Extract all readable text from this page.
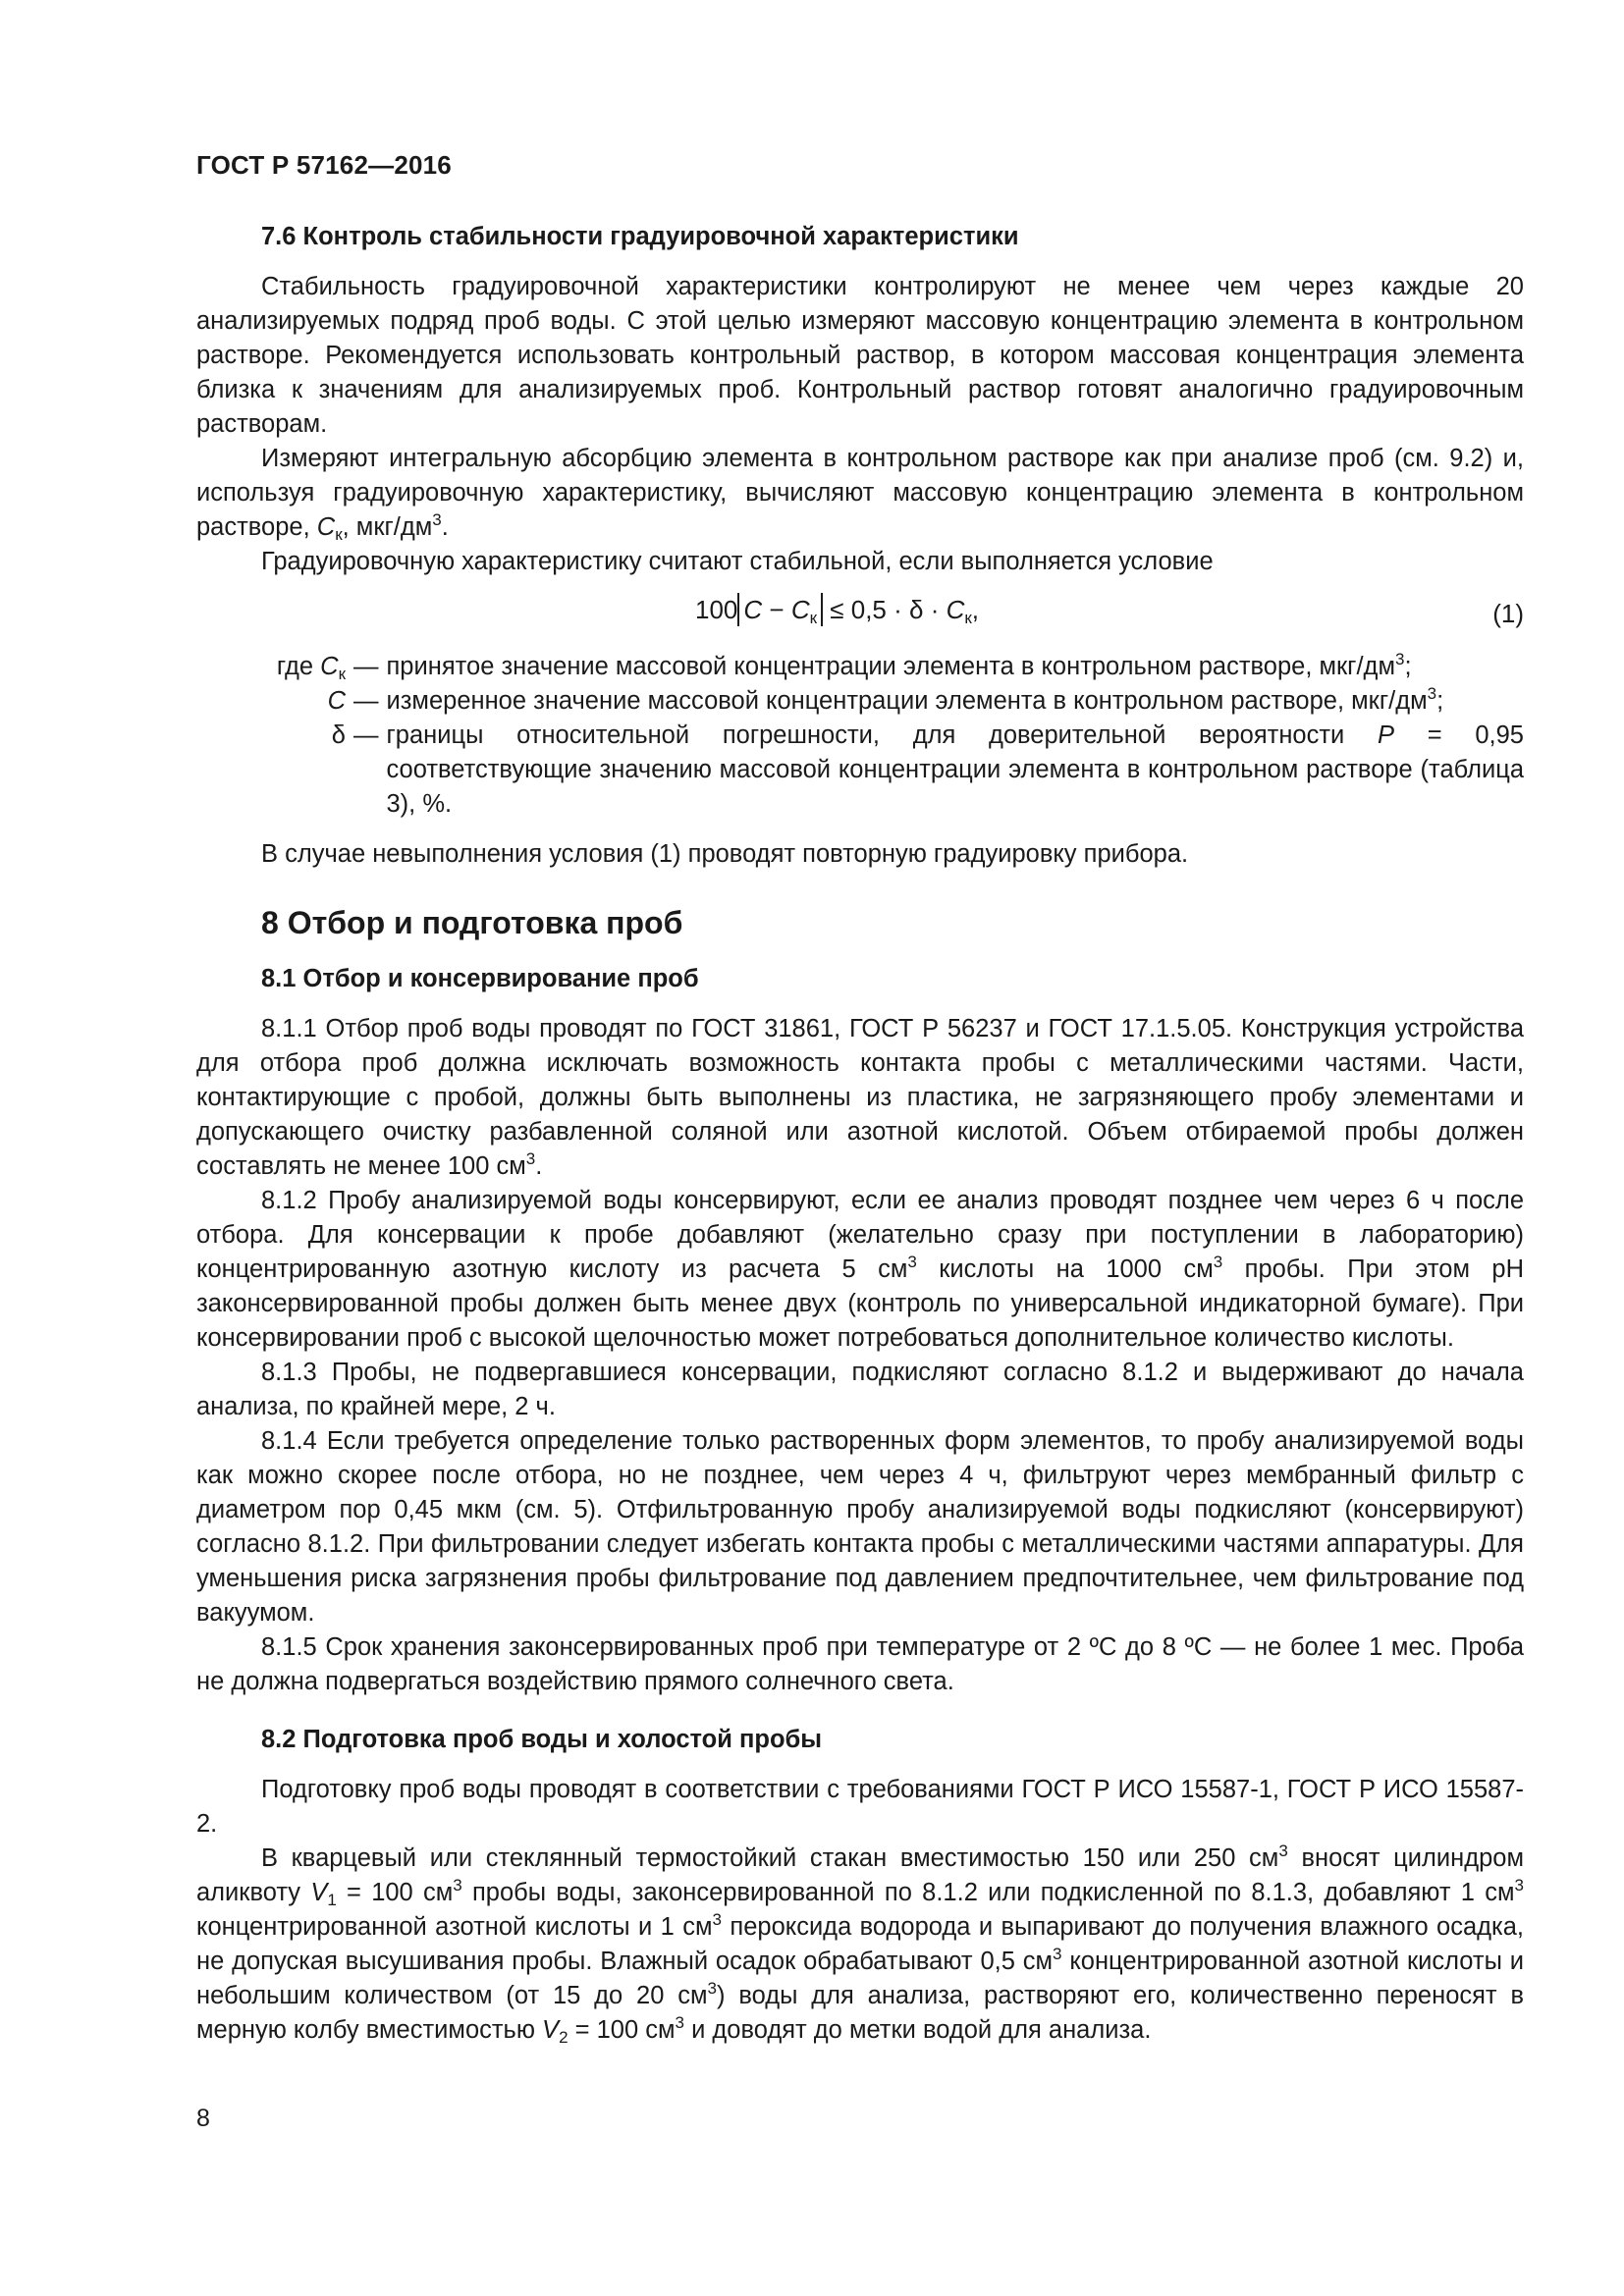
ГОСТ Р 57162—2016
7.6 Контроль стабильности градуировочной характеристики

Стабильность градуировочной характеристики контролируют не менее чем через каждые 20 анализируемых подряд проб воды. С этой целью измеряют массовую концентрацию элемента в контрольном растворе. Рекомендуется использовать контрольный раствор, в котором массовая концентрация элемента близка к значениям для анализируемых проб. Контрольный раствор готовят аналогично градуировочным растворам.

Измеряют интегральную абсорбцию элемента в контрольном растворе как при анализе проб (см. 9.2) и, используя градуировочную характеристику, вычисляют массовую концентрацию элемента в контрольном растворе, $C_к$, мкг/$дм^3$.

Градуировочную характеристику считают стабильной, если выполняется условие

100 $C - C_к \le 0,5 \cdot \delta \cdot C_к$,	(1)
где $C_к$ — принятое значение массовой концентрации элемента в контрольном растворе, мкг/$дм^3$;
C — измеренное значение массовой концентрации элемента в контрольном растворе, мкг/$дм^3$;
δ — границы относительной погрешности, для доверительной вероятности P = 0,95 соответствующие значению массовой концентрации элемента в контрольном растворе (таблица 3), %.

В случае невыполнения условия (1) проводят повторную градуировку прибора.

8 Отбор и подготовка проб
8.1 Отбор и консервирование проб

8.1.1 Отбор проб воды проводят по ГОСТ 31861, ГОСТ Р 56237 и ГОСТ 17.1.5.05. Конструкция устройства для отбора проб должна исключать возможность контакта пробы с металлическими частями. Части, контактирующие с пробой, должны быть выполнены из пластика, не загрязняющего пробу элементами и допускающего очистку разбавленной соляной или азотной кислотой. Объем отбираемой пробы должен составлять не менее 100 $см^3$.

8.1.2 Пробу анализируемой воды консервируют, если ее анализ проводят позднее чем через 6 ч после отбора. Для консервации к пробе добавляют (желательно сразу при поступлении в лабораторию) концентрированную азотную кислоту из расчета 5 $см^3$ кислоты на 1000 $см^3$ пробы. При этом pH законсервированной пробы должен быть менее двух (контроль по универсальной индикаторной бумаге). При консервировании проб с высокой щелочностью может потребоваться дополнительное количество кислоты.

8.1.3 Пробы, не подвергавшиеся консервации, подкисляют согласно 8.1.2 и выдерживают до начала анализа, по крайней мере, 2 ч.

8.1.4 Если требуется определение только растворенных форм элементов, то пробу анализируемой воды как можно скорее после отбора, но не позднее, чем через 4 ч, фильтруют через мембранный фильтр с диаметром пор 0,45 мкм (см. 5). Отфильтрованную пробу анализируемой воды подкисляют (консервируют) согласно 8.1.2. При фильтровании следует избегать контакта пробы с металлическими частями аппаратуры. Для уменьшения риска загрязнения пробы фильтрование под давлением предпочтительнее, чем фильтрование под вакуумом.

8.1.5 Срок хранения законсервированных проб при температуре от 2 ºС до 8 ºС — не более 1 мес. Проба не должна подвергаться воздействию прямого солнечного света.

8.2 Подготовка проб воды и холостой пробы

Подготовку проб воды проводят в соответствии с требованиями ГОСТ Р ИСО 15587-1, ГОСТ Р ИСО 15587-2.

В кварцевый или стеклянный термостойкий стакан вместимостью 150 или 250 $см^3$ вносят цилиндром аликвоту $V_1 = 100$ $см^3$ пробы воды, законсервированной по 8.1.2 или подкисленной по 8.1.3, добавляют 1 $см^3$ концентрированной азотной кислоты и 1 $см^3$ пероксида водорода и выпаривают до получения влажного осадка, не допуская высушивания пробы. Влажный осадок обрабатывают 0,5 $см^3$ концентрированной азотной кислоты и небольшим количеством (от 15 до 20 $см^3$) воды для анализа, растворяют его, количественно переносят в мерную колбу вместимостью $V_2 = 100$ $см^3$ и доводят до метки водой для анализа.

8
